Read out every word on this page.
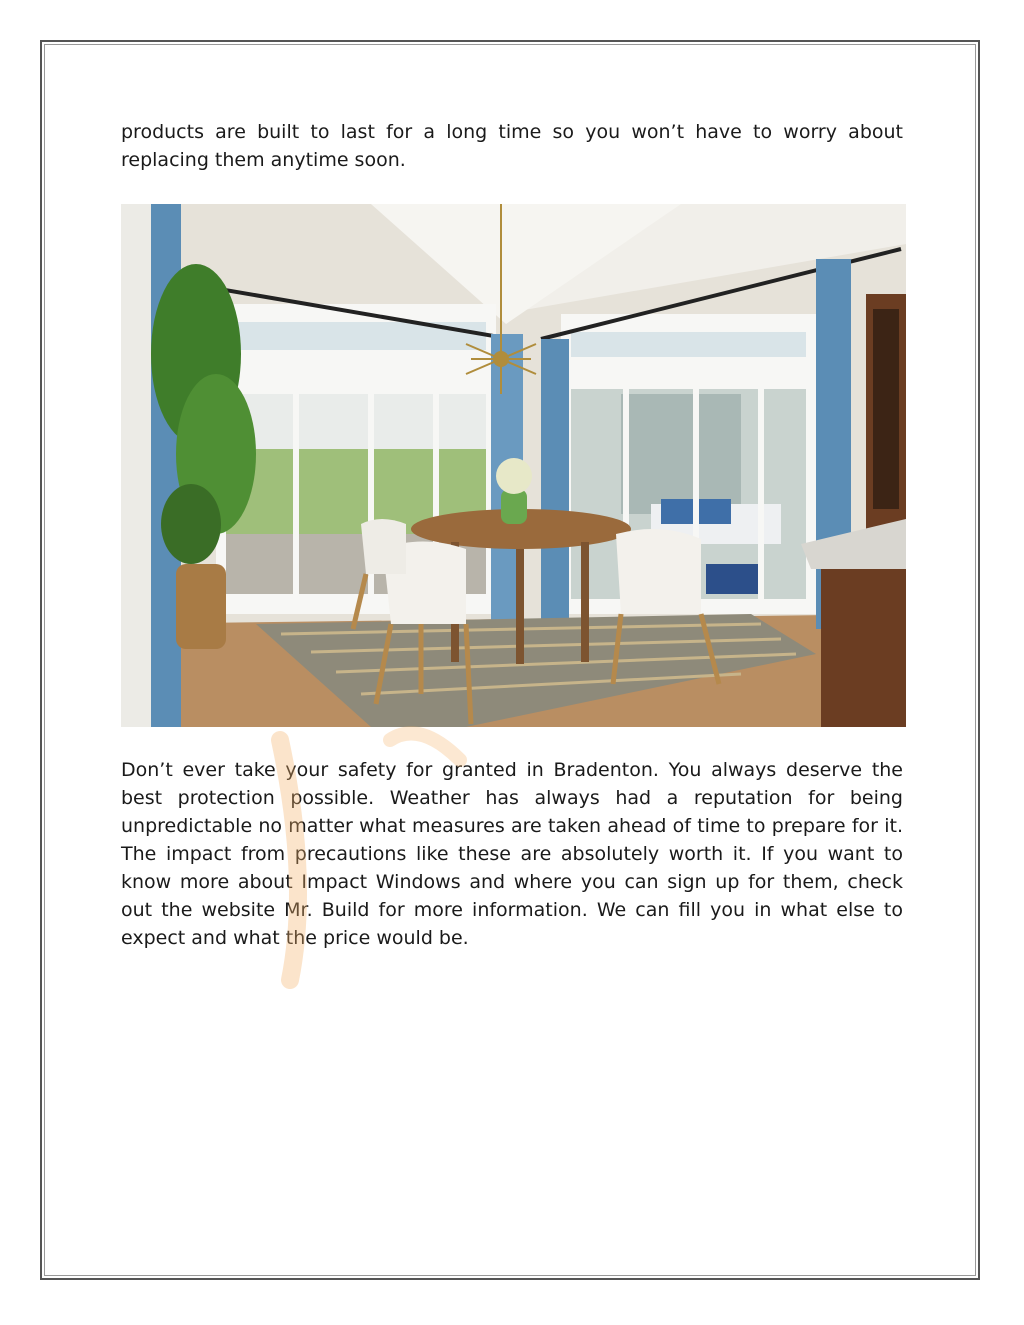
products are built to last for a long time so you won’t have to worry about replacing them anytime soon.

Don’t ever take your safety for granted in Bradenton. You always deserve the best protection possible. Weather has always had a reputation for being unpredictable no matter what measures are taken ahead of time to prepare for it. The impact from precautions like these are absolutely worth it. If you want to know more about Impact Windows and where you can sign up for them, check out the website Mr. Build for more information. We can fill you in what else to expect and what the price would be.
